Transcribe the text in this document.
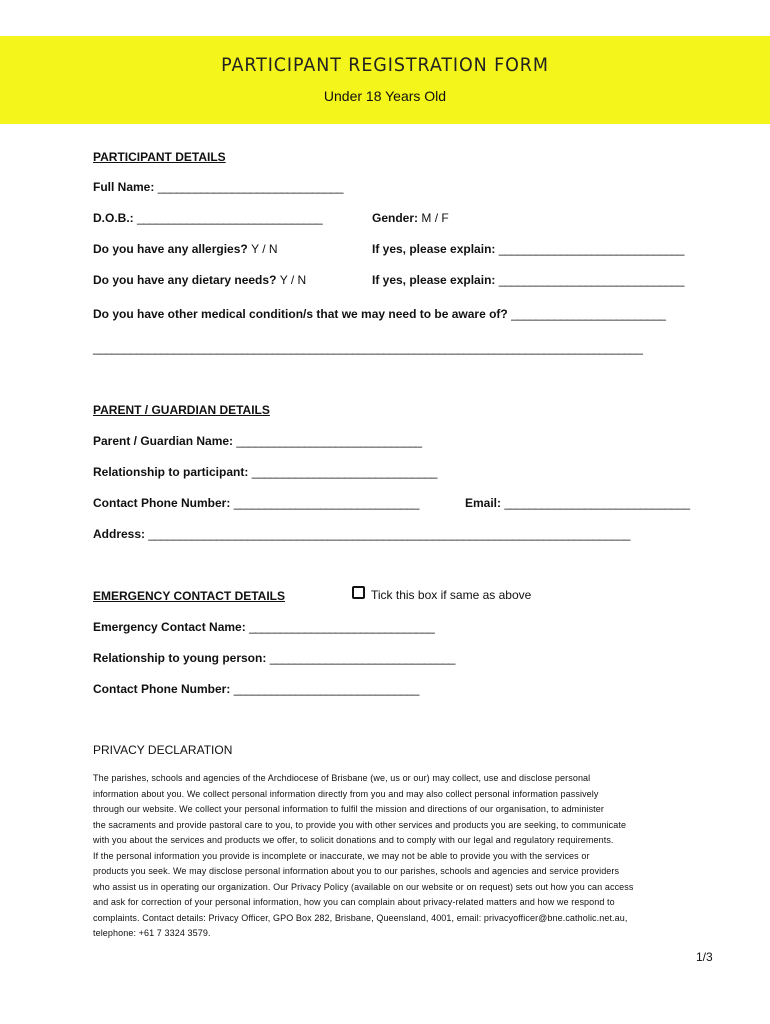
PARTICIPANT REGISTRATION FORM
Under 18 Years Old
PARTICIPANT DETAILS
Full Name: ______________________________
D.O.B.: ______________________________	Gender: M / F
Do you have any allergies? Y / N	If yes, please explain: ______________________________
Do you have any dietary needs? Y / N	If yes, please explain: ______________________________
Do you have other medical condition/s that we may need to be aware of? _________________________
_________________________________________________________________________________________
PARENT / GUARDIAN DETAILS
Parent / Guardian Name: ______________________________
Relationship to participant: ______________________________
Contact Phone Number: ______________________________	Email: ______________________________
Address: ______________________________________________________________________________
EMERGENCY CONTACT DETAILS	Tick this box if same as above
Emergency Contact Name: ______________________________
Relationship to young person: ______________________________
Contact Phone Number: ______________________________
PRIVACY DECLARATION
The parishes, schools and agencies of the Archdiocese of Brisbane (we, us or our) may collect, use and disclose personal
information about you. We collect personal information directly from you and may also collect personal information passively
through our website. We collect your personal information to fulfil the mission and directions of our organisation, to administer
the sacraments and provide pastoral care to you, to provide you with other services and products you are seeking, to communicate
with you about the services and products we offer, to solicit donations and to comply with our legal and regulatory requirements.
If the personal information you provide is incomplete or inaccurate, we may not be able to provide you with the services or
products you seek. We may disclose personal information about you to our parishes, schools and agencies and service providers
who assist us in operating our organization. Our Privacy Policy (available on our website or on request) sets out how you can access
and ask for correction of your personal information, how you can complain about privacy-related matters and how we respond to
complaints. Contact details: Privacy Officer, GPO Box 282, Brisbane, Queensland, 4001, email: privacyofficer@bne.catholic.net.au,
telephone: +61 7 3324 3579.
1/3
